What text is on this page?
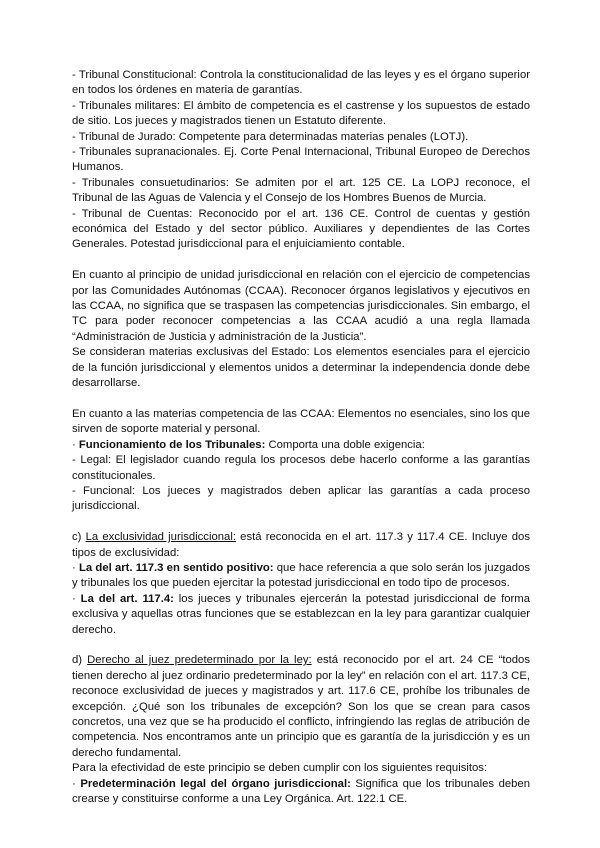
- Tribunal Constitucional: Controla la constitucionalidad de las leyes y es el órgano superior en todos los órdenes en materia de garantías.

- Tribunales militares: El ámbito de competencia es el castrense y los supuestos de estado de sitio. Los jueces y magistrados tienen un Estatuto diferente.

- Tribunal de Jurado: Competente para determinadas materias penales (LOTJ).

- Tribunales supranacionales. Ej. Corte Penal Internacional, Tribunal Europeo de Derechos Humanos.

- Tribunales consuetudinarios: Se admiten por el art. 125 CE. La LOPJ reconoce, el Tribunal de las Aguas de Valencia y el Consejo de los Hombres Buenos de Murcia.

- Tribunal de Cuentas: Reconocido por el art. 136 CE. Control de cuentas y gestión económica del Estado y del sector público. Auxiliares y dependientes de las Cortes Generales. Potestad jurisdiccional para el enjuiciamiento contable.

En cuanto al principio de unidad jurisdiccional en relación con el ejercicio de competencias por las Comunidades Autónomas (CCAA). Reconocer órganos legislativos y ejecutivos en las CCAA, no significa que se traspasen las competencias jurisdiccionales. Sin embargo, el TC para poder reconocer competencias a las CCAA acudió a una regla llamada “Administración de Justicia y administración de la Justicia”.

Se consideran materias exclusivas del Estado: Los elementos esenciales para el ejercicio de la función jurisdiccional y elementos unidos a determinar la independencia donde debe desarrollarse.

En cuanto a las materias competencia de las CCAA: Elementos no esenciales, sino los que sirven de soporte material y personal.

· Funcionamiento de los Tribunales: Comporta una doble exigencia:

- Legal: El legislador cuando regula los procesos debe hacerlo conforme a las garantías constitucionales.

- Funcional: Los jueces y magistrados deben aplicar las garantías a cada proceso jurisdiccional.

c) La exclusividad jurisdiccional: está reconocida en el art. 117.3 y 117.4 CE. Incluye dos tipos de exclusividad:

· La del art. 117.3 en sentido positivo: que hace referencia a que solo serán los juzgados y tribunales los que pueden ejercitar la potestad jurisdiccional en todo tipo de procesos.

· La del art. 117.4: los jueces y tribunales ejercerán la potestad jurisdiccional de forma exclusiva y aquellas otras funciones que se establezcan en la ley para garantizar cualquier derecho.

d) Derecho al juez predeterminado por la ley: está reconocido por el art. 24 CE “todos tienen derecho al juez ordinario predeterminado por la ley” en relación con el art. 117.3 CE, reconoce exclusividad de jueces y magistrados y art. 117.6 CE, prohíbe los tribunales de excepción. ¿Qué son los tribunales de excepción? Son los que se crean para casos concretos, una vez que se ha producido el conflicto, infringiendo las reglas de atribución de competencia. Nos encontramos ante un principio que es garantía de la jurisdicción y es un derecho fundamental.

Para la efectividad de este principio se deben cumplir con los siguientes requisitos:

· Predeterminación legal del órgano jurisdiccional: Significa que los tribunales deben crearse y constituirse conforme a una Ley Orgánica. Art. 122.1 CE.
